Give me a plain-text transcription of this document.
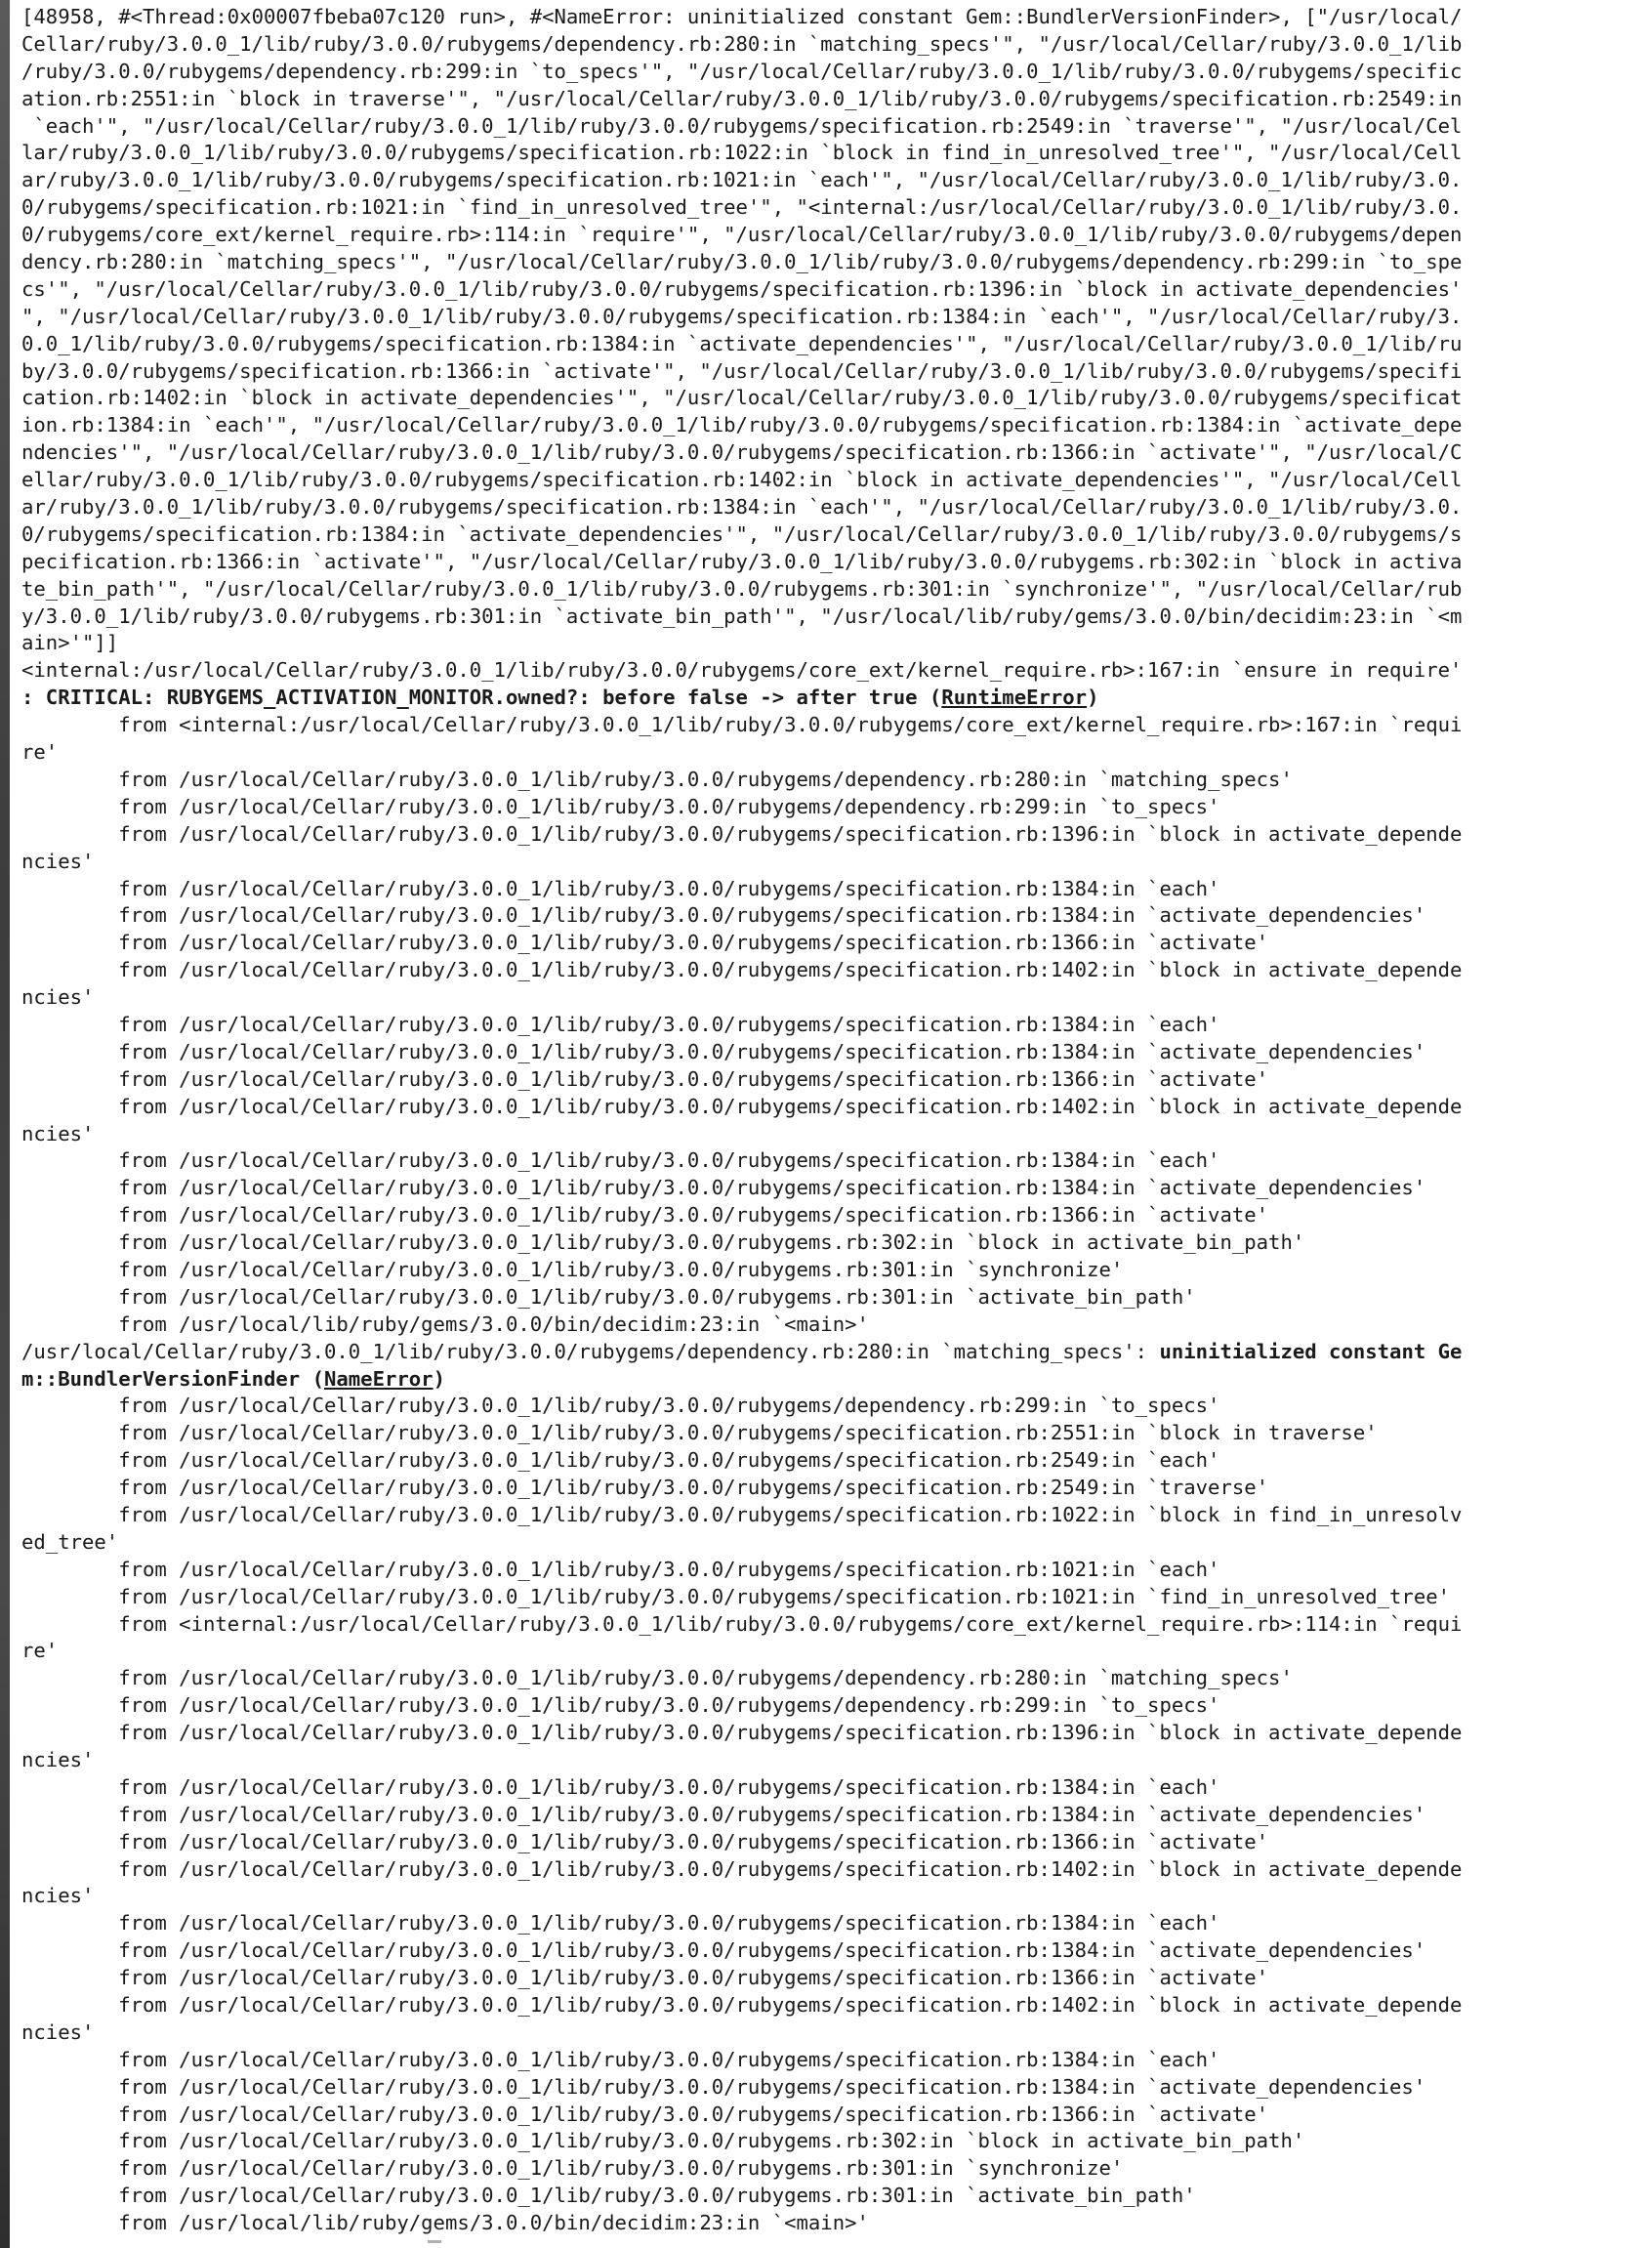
[48958, #<Thread:0x00007fbeba07c120 run>, #<NameError: uninitialized constant Gem::BundlerVersionFinder>, ["/usr/local/
Cellar/ruby/3.0.0_1/lib/ruby/3.0.0/rubygems/dependency.rb:280:in `matching_specs'", "/usr/local/Cellar/ruby/3.0.0_1/lib
/ruby/3.0.0/rubygems/dependency.rb:299:in `to_specs'", "/usr/local/Cellar/ruby/3.0.0_1/lib/ruby/3.0.0/rubygems/specific
ation.rb:2551:in `block in traverse'", "/usr/local/Cellar/ruby/3.0.0_1/lib/ruby/3.0.0/rubygems/specification.rb:2549:in
`each'", "/usr/local/Cellar/ruby/3.0.0_1/lib/ruby/3.0.0/rubygems/specification.rb:2549:in `traverse'", "/usr/local/Cel
lar/ruby/3.0.0_1/lib/ruby/3.0.0/rubygems/specification.rb:1022:in `block in find_in_unresolved_tree'", "/usr/local/Cell
ar/ruby/3.0.0_1/lib/ruby/3.0.0/rubygems/specification.rb:1021:in `each'", "/usr/local/Cellar/ruby/3.0.0_1/lib/ruby/3.0.
0/rubygems/specification.rb:1021:in `find_in_unresolved_tree'", "<internal:/usr/local/Cellar/ruby/3.0.0_1/lib/ruby/3.0.
0/rubygems/core_ext/kernel_require.rb>:114:in `require'", "/usr/local/Cellar/ruby/3.0.0_1/lib/ruby/3.0.0/rubygems/depen
dency.rb:280:in `matching_specs'", "/usr/local/Cellar/ruby/3.0.0_1/lib/ruby/3.0.0/rubygems/dependency.rb:299:in `to_spe
cs'", "/usr/local/Cellar/ruby/3.0.0_1/lib/ruby/3.0.0/rubygems/specification.rb:1396:in `block in activate_dependencies'
", "/usr/local/Cellar/ruby/3.0.0_1/lib/ruby/3.0.0/rubygems/specification.rb:1384:in `each'", "/usr/local/Cellar/ruby/3.
0.0_1/lib/ruby/3.0.0/rubygems/specification.rb:1384:in `activate_dependencies'", "/usr/local/Cellar/ruby/3.0.0_1/lib/ru
by/3.0.0/rubygems/specification.rb:1366:in `activate'", "/usr/local/Cellar/ruby/3.0.0_1/lib/ruby/3.0.0/rubygems/specifi
cation.rb:1402:in `block in activate_dependencies'", "/usr/local/Cellar/ruby/3.0.0_1/lib/ruby/3.0.0/rubygems/specificat
ion.rb:1384:in `each'", "/usr/local/Cellar/ruby/3.0.0_1/lib/ruby/3.0.0/rubygems/specification.rb:1384:in `activate_depe
ndencies'", "/usr/local/Cellar/ruby/3.0.0_1/lib/ruby/3.0.0/rubygems/specification.rb:1366:in `activate'", "/usr/local/C
ellar/ruby/3.0.0_1/lib/ruby/3.0.0/rubygems/specification.rb:1402:in `block in activate_dependencies'", "/usr/local/Cell
ar/ruby/3.0.0_1/lib/ruby/3.0.0/rubygems/specification.rb:1384:in `each'", "/usr/local/Cellar/ruby/3.0.0_1/lib/ruby/3.0.
0/rubygems/specification.rb:1384:in `activate_dependencies'", "/usr/local/Cellar/ruby/3.0.0_1/lib/ruby/3.0.0/rubygems/s
pecification.rb:1366:in `activate'", "/usr/local/Cellar/ruby/3.0.0_1/lib/ruby/3.0.0/rubygems.rb:302:in `block in activa
te_bin_path'", "/usr/local/Cellar/ruby/3.0.0_1/lib/ruby/3.0.0/rubygems.rb:301:in `synchronize'", "/usr/local/Cellar/rub
y/3.0.0_1/lib/ruby/3.0.0/rubygems.rb:301:in `activate_bin_path'", "/usr/local/lib/ruby/gems/3.0.0/bin/decidim:23:in `<m
ain>'"]]
<internal:/usr/local/Cellar/ruby/3.0.0_1/lib/ruby/3.0.0/rubygems/core_ext/kernel_require.rb>:167:in `ensure in require'
: CRITICAL: RUBYGEMS_ACTIVATION_MONITOR.owned?: before false -> after true (RuntimeError)
from <internal:/usr/local/Cellar/ruby/3.0.0_1/lib/ruby/3.0.0/rubygems/core_ext/kernel_require.rb>:167:in `requi
re'
from /usr/local/Cellar/ruby/3.0.0_1/lib/ruby/3.0.0/rubygems/dependency.rb:280:in `matching_specs'
from /usr/local/Cellar/ruby/3.0.0_1/lib/ruby/3.0.0/rubygems/dependency.rb:299:in `to_specs'
from /usr/local/Cellar/ruby/3.0.0_1/lib/ruby/3.0.0/rubygems/specification.rb:1396:in `block in activate_depende
ncies'
from /usr/local/Cellar/ruby/3.0.0_1/lib/ruby/3.0.0/rubygems/specification.rb:1384:in `each'
from /usr/local/Cellar/ruby/3.0.0_1/lib/ruby/3.0.0/rubygems/specification.rb:1384:in `activate_dependencies'
from /usr/local/Cellar/ruby/3.0.0_1/lib/ruby/3.0.0/rubygems/specification.rb:1366:in `activate'
from /usr/local/Cellar/ruby/3.0.0_1/lib/ruby/3.0.0/rubygems/specification.rb:1402:in `block in activate_depende
ncies'
from /usr/local/Cellar/ruby/3.0.0_1/lib/ruby/3.0.0/rubygems/specification.rb:1384:in `each'
from /usr/local/Cellar/ruby/3.0.0_1/lib/ruby/3.0.0/rubygems/specification.rb:1384:in `activate_dependencies'
from /usr/local/Cellar/ruby/3.0.0_1/lib/ruby/3.0.0/rubygems/specification.rb:1366:in `activate'
from /usr/local/Cellar/ruby/3.0.0_1/lib/ruby/3.0.0/rubygems/specification.rb:1402:in `block in activate_depende
ncies'
from /usr/local/Cellar/ruby/3.0.0_1/lib/ruby/3.0.0/rubygems/specification.rb:1384:in `each'
from /usr/local/Cellar/ruby/3.0.0_1/lib/ruby/3.0.0/rubygems/specification.rb:1384:in `activate_dependencies'
from /usr/local/Cellar/ruby/3.0.0_1/lib/ruby/3.0.0/rubygems/specification.rb:1366:in `activate'
from /usr/local/Cellar/ruby/3.0.0_1/lib/ruby/3.0.0/rubygems.rb:302:in `block in activate_bin_path'
from /usr/local/Cellar/ruby/3.0.0_1/lib/ruby/3.0.0/rubygems.rb:301:in `synchronize'
from /usr/local/Cellar/ruby/3.0.0_1/lib/ruby/3.0.0/rubygems.rb:301:in `activate_bin_path'
from /usr/local/lib/ruby/gems/3.0.0/bin/decidim:23:in `<main>'
/usr/local/Cellar/ruby/3.0.0_1/lib/ruby/3.0.0/rubygems/dependency.rb:280:in `matching_specs': uninitialized constant Ge
m::BundlerVersionFinder (NameError)
from /usr/local/Cellar/ruby/3.0.0_1/lib/ruby/3.0.0/rubygems/dependency.rb:299:in `to_specs'
from /usr/local/Cellar/ruby/3.0.0_1/lib/ruby/3.0.0/rubygems/specification.rb:2551:in `block in traverse'
from /usr/local/Cellar/ruby/3.0.0_1/lib/ruby/3.0.0/rubygems/specification.rb:2549:in `each'
from /usr/local/Cellar/ruby/3.0.0_1/lib/ruby/3.0.0/rubygems/specification.rb:2549:in `traverse'
from /usr/local/Cellar/ruby/3.0.0_1/lib/ruby/3.0.0/rubygems/specification.rb:1022:in `block in find_in_unresolv
ed_tree'
from /usr/local/Cellar/ruby/3.0.0_1/lib/ruby/3.0.0/rubygems/specification.rb:1021:in `each'
from /usr/local/Cellar/ruby/3.0.0_1/lib/ruby/3.0.0/rubygems/specification.rb:1021:in `find_in_unresolved_tree'
from <internal:/usr/local/Cellar/ruby/3.0.0_1/lib/ruby/3.0.0/rubygems/core_ext/kernel_require.rb>:114:in `requi
re'
from /usr/local/Cellar/ruby/3.0.0_1/lib/ruby/3.0.0/rubygems/dependency.rb:280:in `matching_specs'
from /usr/local/Cellar/ruby/3.0.0_1/lib/ruby/3.0.0/rubygems/dependency.rb:299:in `to_specs'
from /usr/local/Cellar/ruby/3.0.0_1/lib/ruby/3.0.0/rubygems/specification.rb:1396:in `block in activate_depende
ncies'
from /usr/local/Cellar/ruby/3.0.0_1/lib/ruby/3.0.0/rubygems/specification.rb:1384:in `each'
from /usr/local/Cellar/ruby/3.0.0_1/lib/ruby/3.0.0/rubygems/specification.rb:1384:in `activate_dependencies'
from /usr/local/Cellar/ruby/3.0.0_1/lib/ruby/3.0.0/rubygems/specification.rb:1366:in `activate'
from /usr/local/Cellar/ruby/3.0.0_1/lib/ruby/3.0.0/rubygems/specification.rb:1402:in `block in activate_depende
ncies'
from /usr/local/Cellar/ruby/3.0.0_1/lib/ruby/3.0.0/rubygems/specification.rb:1384:in `each'
from /usr/local/Cellar/ruby/3.0.0_1/lib/ruby/3.0.0/rubygems/specification.rb:1384:in `activate_dependencies'
from /usr/local/Cellar/ruby/3.0.0_1/lib/ruby/3.0.0/rubygems/specification.rb:1366:in `activate'
from /usr/local/Cellar/ruby/3.0.0_1/lib/ruby/3.0.0/rubygems/specification.rb:1402:in `block in activate_depende
ncies'
from /usr/local/Cellar/ruby/3.0.0_1/lib/ruby/3.0.0/rubygems/specification.rb:1384:in `each'
from /usr/local/Cellar/ruby/3.0.0_1/lib/ruby/3.0.0/rubygems/specification.rb:1384:in `activate_dependencies'
from /usr/local/Cellar/ruby/3.0.0_1/lib/ruby/3.0.0/rubygems/specification.rb:1366:in `activate'
from /usr/local/Cellar/ruby/3.0.0_1/lib/ruby/3.0.0/rubygems.rb:302:in `block in activate_bin_path'
from /usr/local/Cellar/ruby/3.0.0_1/lib/ruby/3.0.0/rubygems.rb:301:in `synchronize'
from /usr/local/Cellar/ruby/3.0.0_1/lib/ruby/3.0.0/rubygems.rb:301:in `activate_bin_path'
from /usr/local/lib/ruby/gems/3.0.0/bin/decidim:23:in `<main>'
